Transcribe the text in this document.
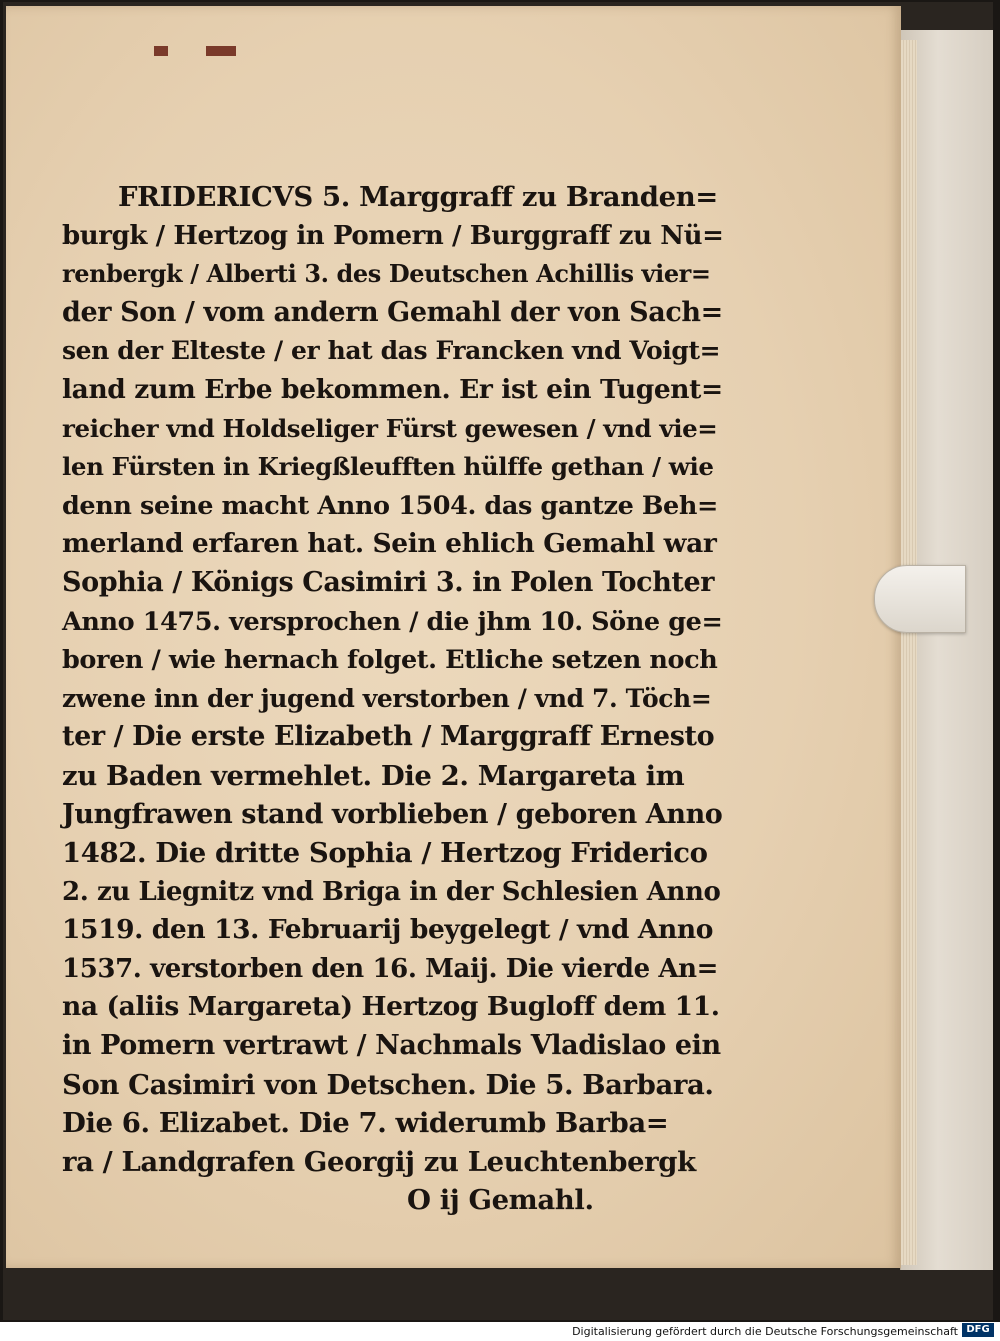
FRIDERICVS 5. Marggraff zu Branden=
burgk / Hertzog in Pomern / Burggraff zu Nü=
renbergk / Alberti 3. des Deutschen Achillis vier=
der Son / vom andern Gemahl der von Sach=
sen der Elteste / er hat das Francken vnd Voigt=
land zum Erbe bekommen. Er ist ein Tugent=
reicher vnd Holdseliger Fürst gewesen / vnd vie=
len Fürsten in Kriegßleufften hülffe gethan / wie
denn seine macht Anno 1504. das gantze Beh=
merland erfaren hat. Sein ehlich Gemahl war
Sophia / Königs Casimiri 3. in Polen Tochter
Anno 1475. versprochen / die jhm 10. Söne ge=
boren / wie hernach folget. Etliche setzen noch
zwene inn der jugend verstorben / vnd 7. Töch=
ter / Die erste Elizabeth / Marggraff Ernesto
zu Baden vermehlet. Die 2. Margareta im
Jungfrawen stand vorblieben / geboren Anno
1482. Die dritte Sophia / Hertzog Friderico
2. zu Liegnitz vnd Briga in der Schlesien Anno
1519. den 13. Februarij beygelegt / vnd Anno
1537. verstorben den 16. Maij. Die vierde An=
na (aliis Margareta) Hertzog Bugloff dem 11.
in Pomern vertrawt / Nachmals Vladislao ein
Son Casimiri von Detschen. Die 5. Barbara.
Die 6. Elizabet. Die 7. widerumb Barba=
ra / Landgrafen Georgij zu Leuchtenbergk
O ij Gemahl.
Digitalisierung gefördert durch die Deutsche Forschungsgemeinschaft DFG
